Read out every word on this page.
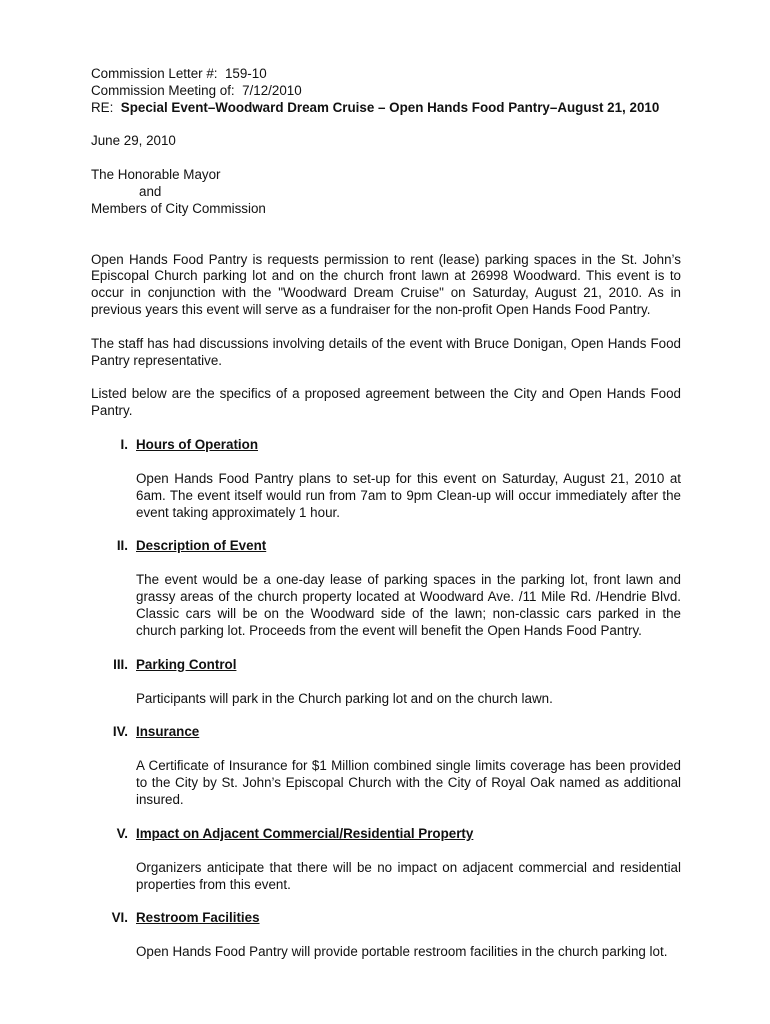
Commission Letter #: 159-10
Commission Meeting of: 7/12/2010
RE: Special Event–Woodward Dream Cruise – Open Hands Food Pantry–August 21, 2010
June 29, 2010
The Honorable Mayor
and
Members of City Commission

Open Hands Food Pantry is requests permission to rent (lease) parking spaces in the St. John’s Episcopal Church parking lot and on the church front lawn at 26998 Woodward. This event is to occur in conjunction with the "Woodward Dream Cruise" on Saturday, August 21, 2010. As in previous years this event will serve as a fundraiser for the non-profit Open Hands Food Pantry.

The staff has had discussions involving details of the event with Bruce Donigan, Open Hands Food Pantry representative.

Listed below are the specifics of a proposed agreement between the City and Open Hands Food Pantry.

I. Hours of Operation
Open Hands Food Pantry plans to set-up for this event on Saturday, August 21, 2010 at 6am. The event itself would run from 7am to 9pm Clean-up will occur immediately after the event taking approximately 1 hour.
II. Description of Event
The event would be a one-day lease of parking spaces in the parking lot, front lawn and grassy areas of the church property located at Woodward Ave. /11 Mile Rd. /Hendrie Blvd. Classic cars will be on the Woodward side of the lawn; non-classic cars parked in the church parking lot. Proceeds from the event will benefit the Open Hands Food Pantry.
III. Parking Control
Participants will park in the Church parking lot and on the church lawn.
IV. Insurance
A Certificate of Insurance for $1 Million combined single limits coverage has been provided to the City by St. John’s Episcopal Church with the City of Royal Oak named as additional insured.
V. Impact on Adjacent Commercial/Residential Property
Organizers anticipate that there will be no impact on adjacent commercial and residential properties from this event.
VI. Restroom Facilities
Open Hands Food Pantry will provide portable restroom facilities in the church parking lot.
